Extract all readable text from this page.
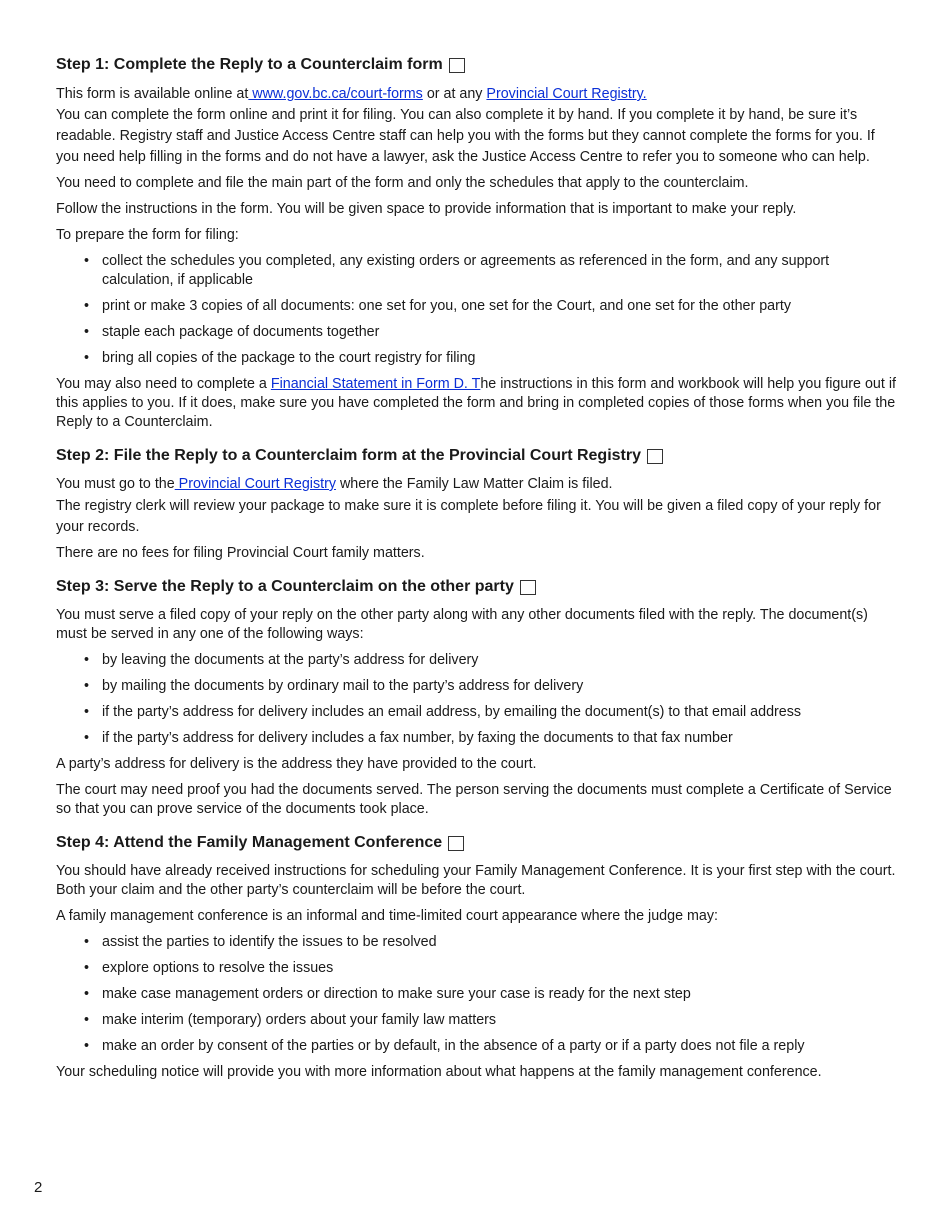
Step 1: Complete the Reply to a Counterclaim form

This form is available online at www.gov.bc.ca/court-forms or at any Provincial Court Registry.

You can complete the form online and print it for filing. You can also complete it by hand. If you complete it by hand, be sure it’s readable. Registry staff and Justice Access Centre staff can help you with the forms but they cannot complete the forms for you. If you need help filling in the forms and do not have a lawyer, ask the Justice Access Centre to refer you to someone who can help.

You need to complete and file the main part of the form and only the schedules that apply to the counterclaim.

Follow the instructions in the form. You will be given space to provide information that is important to make your reply.

To prepare the form for filing:

• collect the schedules you completed, any existing orders or agreements as referenced in the form, and any support calculation, if applicable
• print or make 3 copies of all documents: one set for you, one set for the Court, and one set for the other party
• staple each package of documents together
• bring all copies of the package to the court registry for filing

You may also need to complete a Financial Statement in Form D. The instructions in this form and workbook will help you figure out if this applies to you. If it does, make sure you have completed the form and bring in completed copies of those forms when you file the Reply to a Counterclaim.

Step 2: File the Reply to a Counterclaim form at the Provincial Court Registry

You must go to the Provincial Court Registry where the Family Law Matter Claim is filed.

The registry clerk will review your package to make sure it is complete before filing it. You will be given a filed copy of your reply for your records.

There are no fees for filing Provincial Court family matters.

Step 3: Serve the Reply to a Counterclaim on the other party

You must serve a filed copy of your reply on the other party along with any other documents filed with the reply. The document(s) must be served in any one of the following ways:

• by leaving the documents at the party’s address for delivery
• by mailing the documents by ordinary mail to the party’s address for delivery
• if the party’s address for delivery includes an email address, by emailing the document(s) to that email address
• if the party’s address for delivery includes a fax number, by faxing the documents to that fax number

A party’s address for delivery is the address they have provided to the court.

The court may need proof you had the documents served. The person serving the documents must complete a Certificate of Service so that you can prove service of the documents took place.

Step 4: Attend the Family Management Conference

You should have already received instructions for scheduling your Family Management Conference. It is your first step with the court. Both your claim and the other party’s counterclaim will be before the court.

A family management conference is an informal and time-limited court appearance where the judge may:

• assist the parties to identify the issues to be resolved
• explore options to resolve the issues
• make case management orders or direction to make sure your case is ready for the next step
• make interim (temporary) orders about your family law matters
• make an order by consent of the parties or by default, in the absence of a party or if a party does not file a reply

Your scheduling notice will provide you with more information about what happens at the family management conference.

2
